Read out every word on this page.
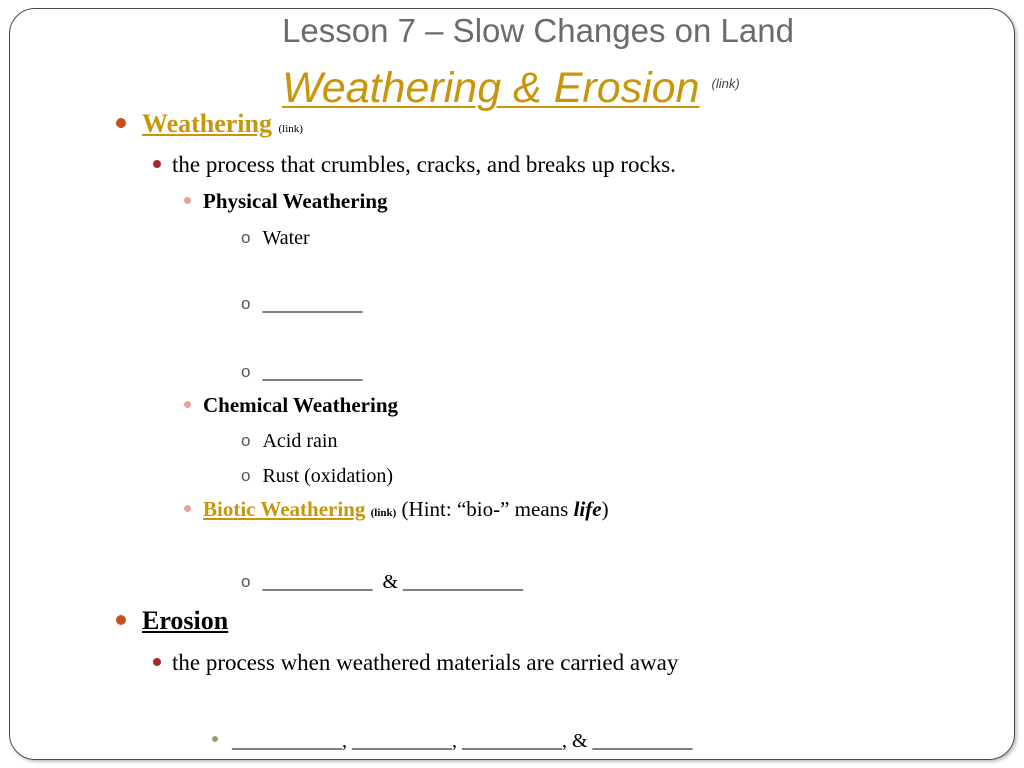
Lesson 7 – Slow Changes on Land
Weathering & Erosion $^{(link)}$
Weathering (link)
the process that crumbles, cracks, and breaks up rocks.
Physical Weathering
o Water
o __________
o __________
Chemical Weathering
o Acid rain
o Rust (oxidation)
Biotic Weathering (link) (Hint: “bio-” means life)
o ___________  & ____________
Erosion
the process when weathered materials are carried away
___________, __________, __________, & __________
